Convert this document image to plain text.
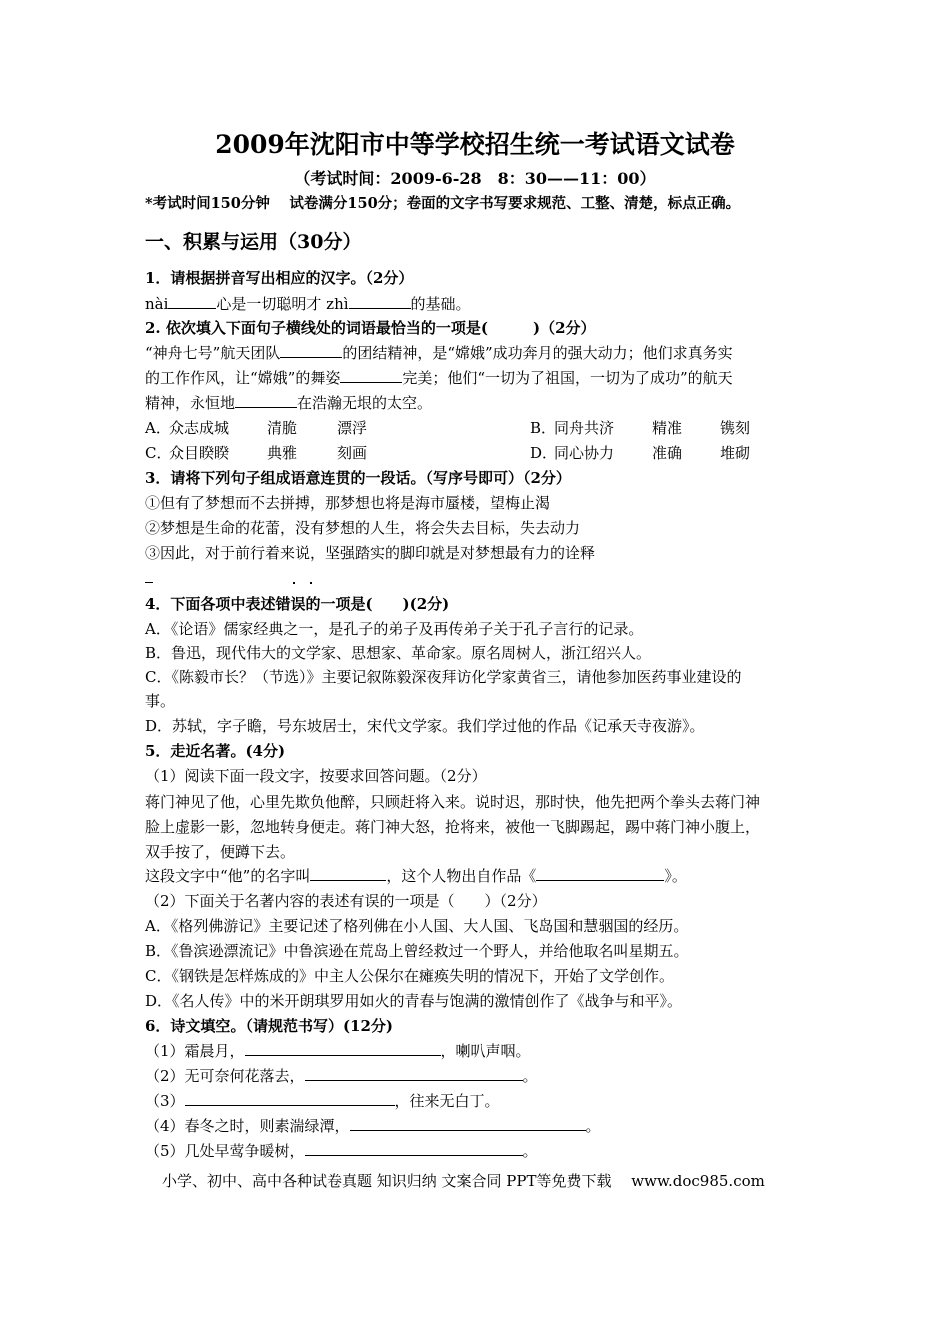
2009年沈阳市中等学校招生统一考试语文试卷
（考试时间：2009-6-28　8：30——11：00）
*考试时间150分钟　 试卷满分150分；卷面的文字书写要求规范、工整、清楚，标点正确。
一、积累与运用（30分）
1．请根据拼音写出相应的汉字。（2分）
nài	心是一切聪明才 zhì	的基础。
2. 依次填入下面句子横线处的词语最恰当的一项是(　　　)（2分）
“神舟七号”航天团队	的团结精神，是“嫦娥”成功奔月的强大动力；他们求真务实
的工作作风，让“嫦娥”的舞姿	完美；他们“一切为了祖国，一切为了成功”的航天
精神，永恒地	在浩瀚无垠的太空。
A．众志成城	清脆	漂浮	B．同舟共济	精准	镌刻
C．众目睽睽	典雅	刻画	D．同心协力	准确	堆砌
3．请将下列句子组成语意连贯的一段话。（写序号即可）（2分）
①但有了梦想而不去拼搏，那梦想也将是海市蜃楼，望梅止渴
②梦想是生命的花蕾，没有梦想的人生，将会失去目标，失去动力
③因此，对于前行着来说，坚强踏实的脚印就是对梦想最有力的诠释
4．下面各项中表述错误的一项是(　　)(2分)
A．《论语》儒家经典之一，是孔子的弟子及再传弟子关于孔子言行的记录。
B．鲁迅，现代伟大的文学家、思想家、革命家。原名周树人，浙江绍兴人。
C．《陈毅市长？（节选）》主要记叙陈毅深夜拜访化学家黄省三，请他参加医药事业建设的
事。
D．苏轼，字子瞻，号东坡居士，宋代文学家。我们学过他的作品《记承天寺夜游》。
5．走近名著。(4分)
（1）阅读下面一段文字，按要求回答问题。（2分）
蒋门神见了他，心里先欺负他醉，只顾赶将入来。说时迟，那时快，他先把两个拳头去蒋门神
脸上虚影一影，忽地转身便走。蒋门神大怒，抢将来，被他一飞脚踢起，踢中蒋门神小腹上，
双手按了，便蹲下去。
这段文字中“他”的名字叫	，这个人物出自作品《	》。
（2）下面关于名著内容的表述有误的一项是（　　）（2分）
A．《格列佛游记》主要记述了格列佛在小人国、大人国、飞岛国和慧骃国的经历。
B．《鲁滨逊漂流记》中鲁滨逊在荒岛上曾经救过一个野人，并给他取名叫星期五。
C．《钢铁是怎样炼成的》中主人公保尔在瘫痪失明的情况下，开始了文学创作。
D．《名人传》中的米开朗琪罗用如火的青春与饱满的激情创作了《战争与和平》。
6．诗文填空。（请规范书写）(12分)
（1）霜晨月，	，喇叭声咽。
（2）无可奈何花落去，	。
（3）	，往来无白丁。
（4）春冬之时，则素湍绿潭，	。
（5）几处早莺争暖树，	。
小学、初中、高中各种试卷真题 知识归纳 文案合同 PPT等免费下载　 www.doc985.com
